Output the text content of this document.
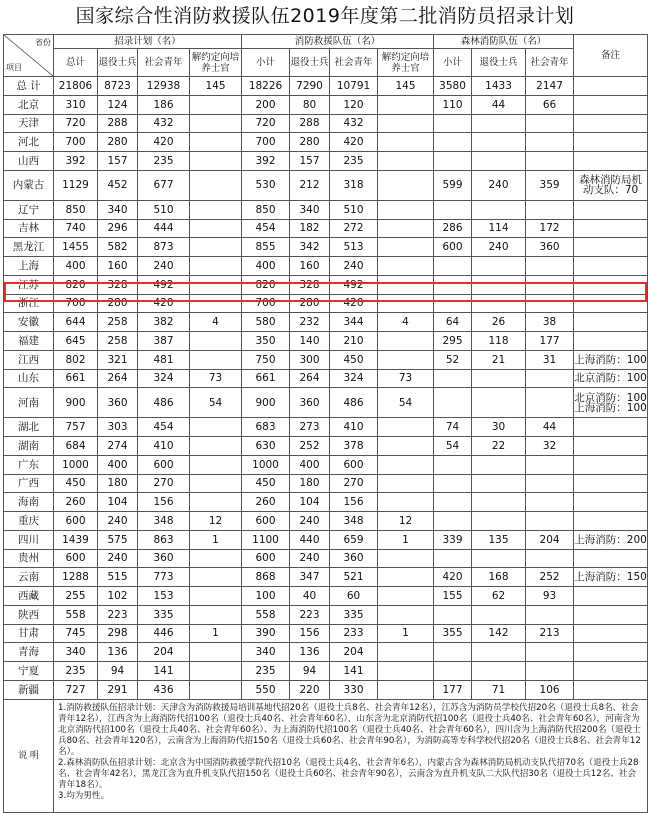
国家综合性消防救援队伍2019年度第二批消防员招录计划
项目
省份	招录计划（名）				消防救援队伍（名）				森林消防队伍（名）			备注
	总计	退役士兵	社会青年	解约定向培养士官	小计	退役士兵	社会青年	解约定向培养士官	小计	退役士兵	社会青年	
总 计	21806	8723	12938	145	18226	7290	10791	145	3580	1433	2147	
北京	310	124	186		200	80	120		110	44	66	
天津	720	288	432		720	288	432					
河北	700	280	420		700	280	420					
山西	392	157	235		392	157	235					
内蒙古	1129	452	677		530	212	318		599	240	359	森林消防局机动支队：70
辽宁	850	340	510		850	340	510					
吉林	740	296	444		454	182	272		286	114	172	
黑龙江	1455	582	873		855	342	513		600	240	360	
上海	400	160	240		400	160	240					
江苏	820	328	492		820	328	492					
浙江	700	280	420		700	280	420					
安徽	644	258	382	4	580	232	344	4	64	26	38	
福建	645	258	387		350	140	210		295	118	177	
江西	802	321	481		750	300	450		52	21	31	上海消防：100
山东	661	264	324	73	661	264	324	73				北京消防：100
河南	900	360	486	54	900	360	486	54				北京消防：100 上海消防：100
湖北	757	303	454		683	273	410		74	30	44	
湖南	684	274	410		630	252	378		54	22	32	
广东	1000	400	600		1000	400	600					
广西	450	180	270		450	180	270					
海南	260	104	156		260	104	156					
重庆	600	240	348	12	600	240	348	12				
四川	1439	575	863	1	1100	440	659	1	339	135	204	上海消防：200
贵州	600	240	360		600	240	360					
云南	1288	515	773		868	347	521		420	168	252	上海消防：150
西藏	255	102	153		100	40	60		155	62	93	
陕西	558	223	335		558	223	335					
甘肃	745	298	446	1	390	156	233	1	355	142	213	
青海	340	136	204		340	136	204					
宁夏	235	94	141		235	94	141					
新疆	727	291	436		550	220	330		177	71	106	
说 明	1.消防救援队伍招录计划：天津含为消防救援局培训基地代招20名（退役士兵8名、社会青年12名），江苏含为消防员学校代招20名（退役士兵8名、社会青年12名），江西含为上海消防代招100名（退役士兵40名、社会青年60名），山东含为北京消防代招100名（退役士兵40名、社会青年60名），河南含为北京消防代招100名（退役士兵40名、社会青年60名）、为上海消防代招100名（退役士兵40名、社会青年60名），四川含为上海消防代招200名（退役士兵80名、社会青年120名），云南含为上海消防代招150名（退役士兵60名、社会青年90名），为消防高等专科学校代招20名（退役士兵8名、社会青年12名）。
2.森林消防队伍招录计划：北京含为中国消防救援学院代招10名（退役士兵4名、社会青年6名），内蒙古含为森林消防局机动支队代招70名（退役士兵28名、社会青年42名），黑龙江含为直升机支队代招150名（退役士兵60名、社会青年90名），云南含为直升机支队二大队代招30名（退役士兵12名、社会青年18名）。
3.均为男性。											
